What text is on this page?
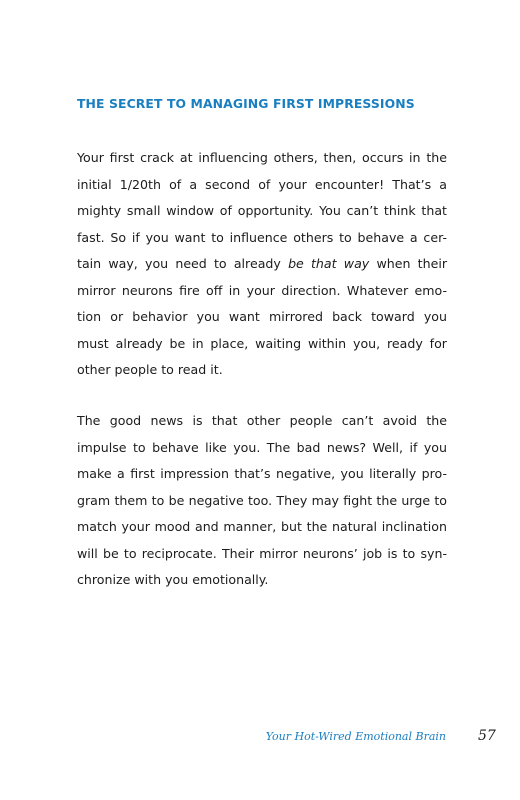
THE SECRET TO MANAGING FIRST IMPRESSIONS
Your first crack at influencing others, then, occurs in the
initial 1/20th of a second of your encounter! That’s a
mighty small window of opportunity. You can’t think that
fast. So if you want to influence others to behave a cer-
tain way, you need to already be that way when their
mirror neurons fire off in your direction. Whatever emo-
tion or behavior you want mirrored back toward you
must already be in place, waiting within you, ready for
other people to read it.
The good news is that other people can’t avoid the
impulse to behave like you. The bad news? Well, if you
make a first impression that’s negative, you literally pro-
gram them to be negative too. They may fight the urge to
match your mood and manner, but the natural inclination
will be to reciprocate. Their mirror neurons’ job is to syn-
chronize with you emotionally.
Your Hot-Wired Emotional Brain 57
